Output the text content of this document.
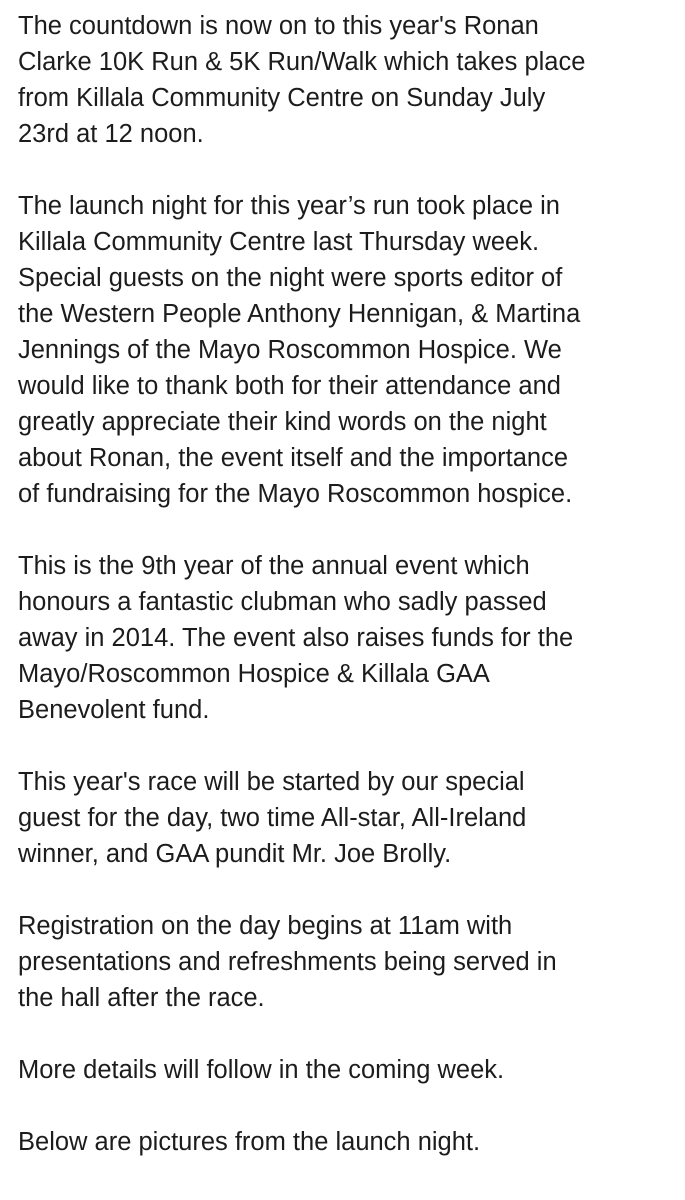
The countdown is now on to this year's Ronan
Clarke 10K Run & 5K Run/Walk which takes place
from Killala Community Centre on Sunday July
23rd at 12 noon.
The launch night for this year’s run took place in
Killala Community Centre last Thursday week.
Special guests on the night were sports editor of
the Western People Anthony Hennigan, & Martina
Jennings of the Mayo Roscommon Hospice. We
would like to thank both for their attendance and
greatly appreciate their kind words on the night
about Ronan, the event itself and the importance
of fundraising for the Mayo Roscommon hospice.
This is the 9th year of the annual event which
honours a fantastic clubman who sadly passed
away in 2014. The event also raises funds for the
Mayo/Roscommon Hospice & Killala GAA
Benevolent fund.
This year's race will be started by our special
guest for the day, two time All-star, All-Ireland
winner, and GAA pundit Mr. Joe Brolly.
Registration on the day begins at 11am with
presentations and refreshments being served in
the hall after the race.
More details will follow in the coming week.
Below are pictures from the launch night.
